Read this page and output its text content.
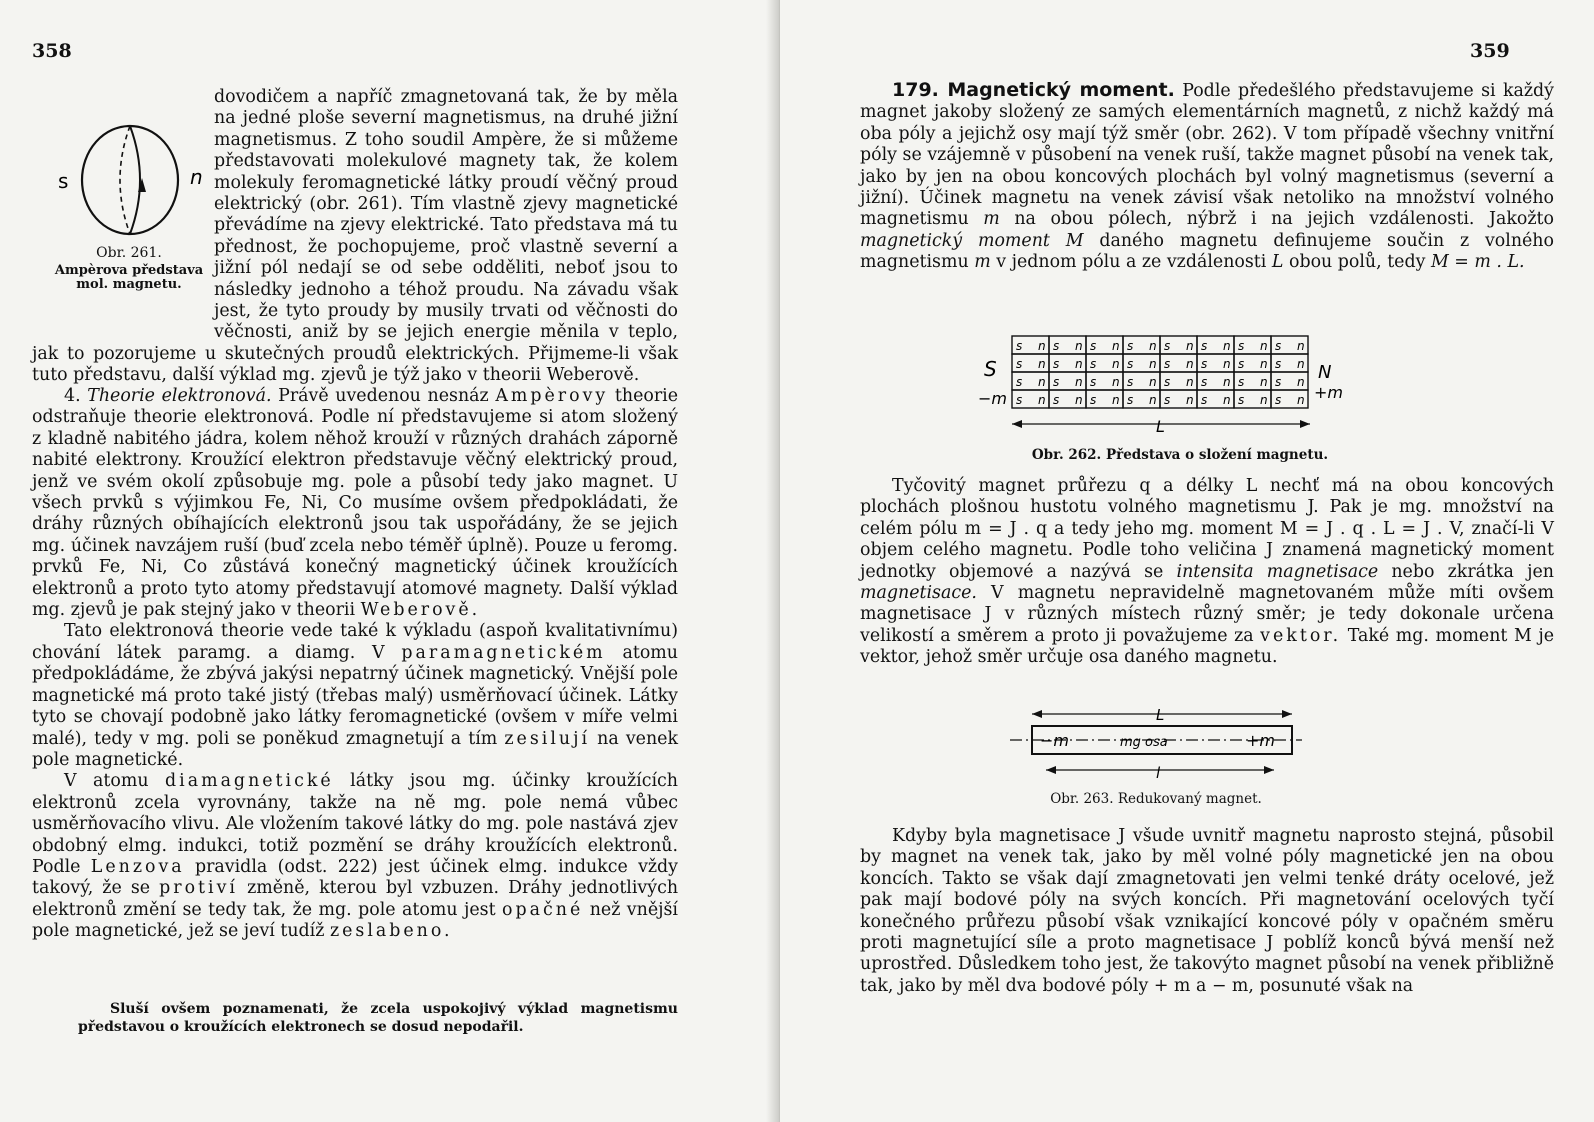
358
s	n
Obr. 261.
Ampèrova představa mol. magnetu.

dovodičem a napříč zmagnetovaná tak, že by měla na jedné ploše severní magnetismus, na druhé jižní magnetismus. Z toho soudil Ampère, že si můžeme představovati molekulové magnety tak, že kolem molekuly feromagnetické látky proudí věčný proud elektrický (obr. 261). Tím vlastně zjevy magnetické převádíme na zjevy elektrické. Tato představa má tu přednost, že pochopujeme, proč vlastně severní a jižní pól nedají se od sebe odděliti, neboť jsou to následky jednoho a téhož proudu. Na závadu však jest, že tyto proudy by musily trvati od věčnosti do věčnosti, aniž by se jejich energie měnila v teplo, jak to pozorujeme u skutečných proudů elektrických. Přijmeme-li však tuto představu, další výklad mg. zjevů je týž jako v theorii Weberově.

4. Theorie elektronová. Právě uvedenou nesnáz Ampèrovy theorie odstraňuje theorie elektronová. Podle ní představujeme si atom složený z kladně nabitého jádra, kolem něhož krouží v různých drahách záporně nabité elektrony. Kroužící elektron představuje věčný elektrický proud, jenž ve svém okolí způsobuje mg. pole a působí tedy jako magnet. U všech prvků s výjimkou Fe, Ni, Co musíme ovšem předpokládati, že dráhy různých obíhajících elektronů jsou tak uspořádány, že se jejich mg. účinek navzájem ruší (buď zcela nebo téměř úplně). Pouze u feromg. prvků Fe, Ni, Co zůstává konečný magnetický účinek kroužících elektronů a proto tyto atomy představují atomové magnety. Další výklad mg. zjevů je pak stejný jako v theorii Weberově.

Tato elektronová theorie vede také k výkladu (aspoň kvalitativnímu) chování látek paramg. a diamg. V paramagnetickém atomu předpokládáme, že zbývá jakýsi nepatrný účinek magnetický. Vnější pole magnetické má proto také jistý (třebas malý) usměrňovací účinek. Látky tyto se chovají podobně jako látky feromagnetické (ovšem v míře velmi malé), tedy v mg. poli se poněkud zmagnetují a tím zesilují na venek pole magnetické.

V atomu diamagnetické látky jsou mg. účinky kroužících elektronů zcela vyrovnány, takže na ně mg. pole nemá vůbec usměrňovacího vlivu. Ale vložením takové látky do mg. pole nastává zjev obdobný elmg. indukci, totiž pozmění se dráhy kroužících elektronů. Podle Lenzova pravidla (odst. 222) jest účinek elmg. indukce vždy takový, že se protiví změně, kterou byl vzbuzen. Dráhy jednotlivých elektronů změní se tedy tak, že mg. pole atomu jest opačné než vnější pole magnetické, jež se jeví tudíž zeslabeno.

Sluší ovšem poznamenati, že zcela uspokojivý výklad magnetismu představou o kroužících elektronech se dosud nepodařil.
359

179. Magnetický moment. Podle předešlého představujeme si každý magnet jakoby složený ze samých elementárních magnetů, z nichž každý má oba póly a jejichž osy mají týž směr (obr. 262). V tom případě všechny vnitřní póly se vzájemně v působení na venek ruší, takže magnet působí na venek tak, jako by jen na obou koncových plochách byl volný magnetismus (severní a jižní). Účinek magnetu na venek závisí však netoliko na množství volného magnetismu m na obou pólech, nýbrž i na jejich vzdálenosti. Jakožto magnetický moment M daného magnetu definujeme součin z volného magnetismu m v jednom pólu a ze vzdálenosti L obou polů, tedy M = m . L.

s n s n s n s n s n s n s n s n
s n s n s n s n s n s n s n s n
s n s n s n s n s n s n s n s n
s n s n s n s n s n s n s n s n
S
−m
N
+m
L
Obr. 262. Představa o složení magnetu.

Tyčovitý magnet průřezu q a délky L nechť má na obou koncových plochách plošnou hustotu volného magnetismu J. Pak je mg. množství na celém pólu m = J . q a tedy jeho mg. moment M = J . q . L = J . V, značí-li V objem celého magnetu. Podle toho veličina J znamená magnetický moment jednotky objemové a nazývá se intensita magnetisace nebo zkrátka jen magnetisace. V magnetu nepravidelně magnetovaném může míti ovšem magnetisace J v různých místech různý směr; je tedy dokonale určena velikostí a směrem a proto ji považujeme za vektor. Také mg. moment M je vektor, jehož směr určuje osa daného magnetu.

L
−m	mg osa	+m
l
Obr. 263. Redukovaný magnet.

Kdyby byla magnetisace J všude uvnitř magnetu naprosto stejná, působil by magnet na venek tak, jako by měl volné póly magnetické jen na obou koncích. Takto se však dají zmagnetovati jen velmi tenké dráty ocelové, jež pak mají bodové póly na svých koncích. Při magnetování ocelových tyčí konečného průřezu působí však vznikající koncové póly v opačném směru proti magnetující síle a proto magnetisace J poblíž konců bývá menší než uprostřed. Důsledkem toho jest, že takovýto magnet působí na venek přibližně tak, jako by měl dva bodové póly + m a − m, posunuté však na
